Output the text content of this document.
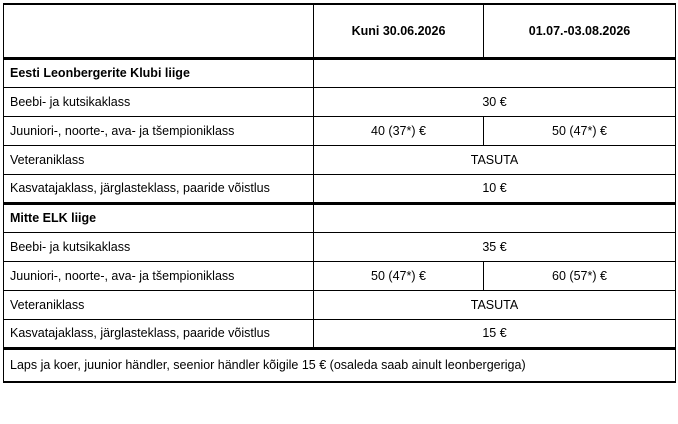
	Kuni 30.06.2026	01.07.-03.08.2026
Eesti Leonbergerite Klubi liige		
Beebi- ja kutsikaklass	30 €	
Juuniori-, noorte-, ava- ja tšempioniklass	40 (37*) €	50 (47*) €
Veteraniklass	TASUTA	
Kasvatajaklass, järglasteklass, paaride võistlus	10 €	
Mitte ELK liige		
Beebi- ja kutsikaklass	35 €	
Juuniori-, noorte-, ava- ja tšempioniklass	50 (47*) €	60 (57*) €
Veteraniklass	TASUTA	
Kasvatajaklass, järglasteklass, paaride võistlus	15 €	
Laps ja koer, juunior händler, seenior händler kõigile 15 € (osaleda saab ainult leonbergeriga)		
